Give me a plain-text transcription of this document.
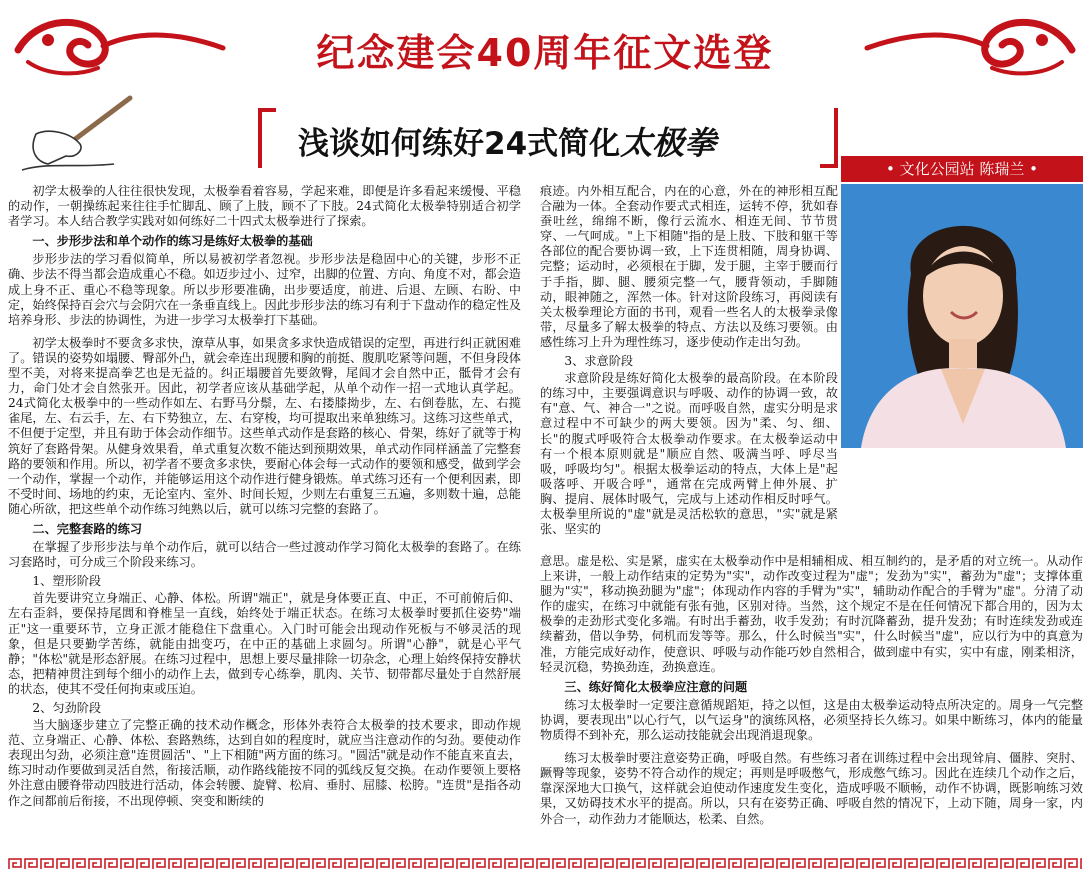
纪念建会40周年征文选登
浅谈如何练好24式简化太极拳
• 文化公园站 陈瑞兰 •

初学太极拳的人往往很快发现，太极拳看着容易，学起来难，即便是许多看起来缓慢、平稳的动作，一朝操练起来往往手忙脚乱、顾了上肢，顾不了下肢。24式简化太极拳特别适合初学者学习。本人结合教学实践对如何练好二十四式太极拳进行了探索。

一、步形步法和单个动作的练习是练好太极拳的基础

步形步法的学习看似简单，所以易被初学者忽视。步形步法是稳固中心的关键，步形不正确、步法不得当都会造成重心不稳。如迈步过小、过窄，出脚的位置、方向、角度不对，都会造成上身不正、重心不稳等现象。所以步形要准确，出步要适度，前进、后退、左顾、右盼、中定，始终保持百会穴与会阴穴在一条垂直线上。因此步形步法的练习有利于下盘动作的稳定性及培养身形、步法的协调性，为进一步学习太极拳打下基础。

初学太极拳时不要贪多求快，潦草从事，如果贪多求快造成错误的定型，再进行纠正就困难了。错误的姿势如塌腰、臀部外凸，就会牵连出现腰和胸的前挺、腹肌吃紧等问题，不但身段体型不美，对将来提高拳艺也是无益的。纠正塌腰首先要敛臀，尾闾才会自然中正，骶骨才会有力，命门处才会自然张开。因此，初学者应该从基础学起，从单个动作一招一式地认真学起。24式简化太极拳中的一些动作如左、右野马分鬃，左、右搂膝拗步，左、右倒卷肱，左、右揽雀尾，左、右云手，左、右下势独立，左、右穿梭，均可提取出来单独练习。这练习这些单式，不但便于定型，并且有助于体会动作细节。这些单式动作是套路的核心、骨架，练好了就等于构筑好了套路骨架。从健身效果看，单式重复次数不能达到预期效果，单式动作同样涵盖了完整套路的要领和作用。所以，初学者不要贪多求快，要耐心体会每一式动作的要领和感受，做到学会一个动作，掌握一个动作，并能够运用这个动作进行健身锻炼。单式练习还有一个便利因素，即不受时间、场地的约束，无论室内、室外、时间长短，少则左右重复三五遍，多则数十遍，总能随心所欲，把这些单个动作练习纯熟以后，就可以练习完整的套路了。

二、完整套路的练习

在掌握了步形步法与单个动作后，就可以结合一些过渡动作学习简化太极拳的套路了。在练习套路时，可分成三个阶段来练习。

1、塑形阶段

首先要讲究立身端正、心静、体松。所谓"端正"，就是身体要正直、中正，不可前俯后仰、左右歪斜，要保持尾閭和脊椎呈一直线，始终处于端正状态。在练习太极拳时要抓住姿势"端正"这一重要环节，立身正派才能稳住下盘重心。入门时可能会出现动作死板与不够灵活的现象，但是只要勤学苦练，就能由拙变巧，在中正的基础上求圆匀。所谓"心静"，就是心平气静；"体松"就是形态舒展。在练习过程中，思想上要尽量排除一切杂念，心理上始终保持安静状态，把精神贯注到每个细小的动作上去，做到专心练拳，肌肉、关节、韧带都尽量处于自然舒展的状态，使其不受任何拘束或压迫。

2、匀劲阶段

当大脑逐步建立了完整正确的技术动作概念，形体外表符合太极拳的技术要求，即动作规范、立身端正、心静、体松、套路熟练，达到自如的程度时，就应当注意动作的匀劲。要使动作表现出匀劲，必须注意"连贯圆活"、"上下相随"两方面的练习。"圆活"就是动作不能直来直去，练习时动作要做到灵活自然，衔接活顺，动作路线能按不同的弧线反复交换。在动作要领上要格外注意由腰脊带动四肢进行活动，体会转腰、旋臂、松肩、垂肘、屈膝、松胯。"连贯"是指各动作之间都前后衔接，不出现停顿、突变和断续的

痕迹。内外相互配合，内在的心意，外在的神形相互配合融为一体。全套动作要式式相连，运转不停，犹如春蚕吐丝，绵绵不断，像行云流水、相连无间、节节贯穿、一气呵成。"上下相随"指的是上肢、下肢和躯干等各部位的配合要协调一致，上下连贯相随，周身协调、完整；运动时，必须根在于脚，发于腿，主宰于腰而行于手指，脚、腿、腰须完整一气，腰背领动，手脚随动，眼神随之，浑然一体。针对这阶段练习，再阅读有关太极拳理论方面的书刊，观看一些名人的太极拳录像带，尽量多了解太极拳的特点、方法以及练习要领。由感性练习上升为理性练习，逐步使动作走出匀劲。

3、求意阶段

求意阶段是练好简化太极拳的最高阶段。在本阶段的练习中，主要强调意识与呼吸、动作的协调一致，故有"意、气、神合一"之说。而呼吸自然，虚实分明是求意过程中不可缺少的两大要领。因为"柔、匀、细、长"的腹式呼吸符合太极拳动作要求。在太极拳运动中有一个根本原则就是"顺应自然、吸满当呼、呼尽当吸，呼吸均匀"。根据太极拳运动的特点，大体上是"起吸落呼、开吸合呼"，通常在完成两臂上伸外展、扩胸、提肩、展体时吸气，完成与上述动作相反时呼气。太极拳里所说的"虚"就是灵活松软的意思，"实"就是紧张、坚实的

意思。虚是松、实是紧，虚实在太极拳动作中是相辅相成、相互制约的，是矛盾的对立统一。从动作上来讲，一般上动作结束的定势为"实"，动作改变过程为"虚"；发劲为"实"，蓄劲为"虚"；支撑体重腿为"实"，移动换劲腿为"虚"；体现动作内容的手臂为"实"，辅助动作配合的手臂为"虚"。分清了动作的虚实，在练习中就能有张有弛，区别对待。当然，这个规定不是在任何情况下都合用的，因为太极拳的走劲形式变化多端。有时出手蓄劲，收手发劲；有时沉降蓄劲，提升发劲；有时连续发劲或连续蓄劲，借以争势，伺机而发等等。那么，什么时候当"实"，什么时候当"虚"，应以行为中的真意为准，方能完成好动作，使意识、呼吸与动作能巧妙自然相合，做到虚中有实，实中有虚，刚柔相济，轻灵沉稳，势换劲连，劲换意连。

三、练好简化太极拳应注意的问题

练习太极拳时一定要注意循规蹈矩，持之以恒，这是由太极拳运动特点所决定的。周身一气完整协调，要表现出"以心行气，以气运身"的演练风格，必须坚持长久练习。如果中断练习，体内的能量物质得不到补充，那么运动技能就会出现消退现象。

练习太极拳时要注意姿势正确，呼吸自然。有些练习者在训练过程中会出现耸肩、僵脖、突肘、蹶臀等现象，姿势不符合动作的规定；再则是呼吸憋气，形成憋气练习。因此在连续几个动作之后，靠深深地大口换气，这样就会迫使动作速度发生变化，造成呼吸不顺畅，动作不协调，既影响练习效果，又妨碍技术水平的提高。所以，只有在姿势正确、呼吸自然的情况下，上动下随，周身一家，内外合一，动作劲力才能顺达，松柔、自然。
